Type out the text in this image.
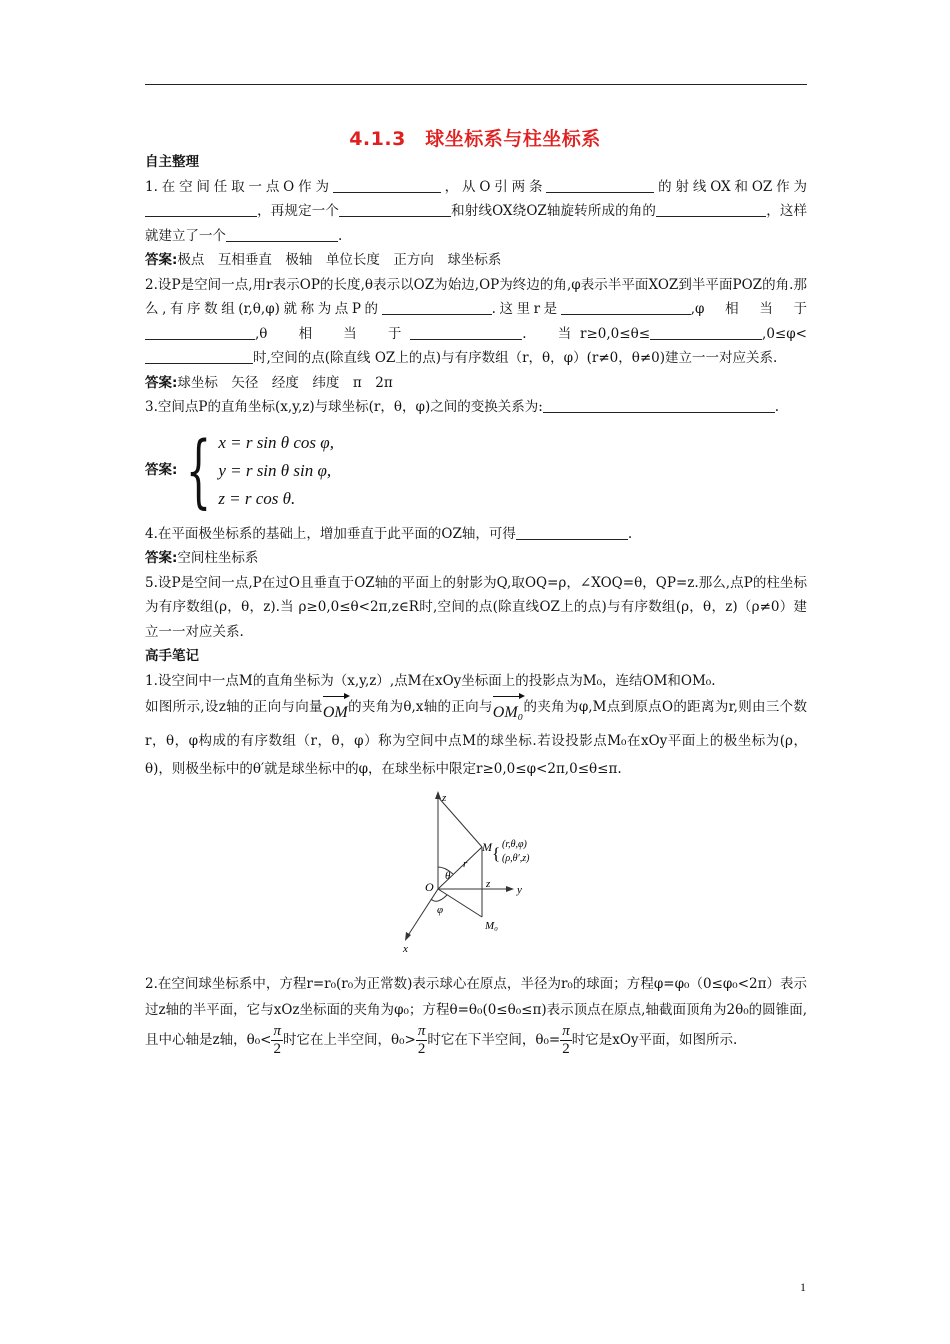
4.1.3　球坐标系与柱坐标系

自主整理

1.在空间任取一点O作为	，从O引两条	的射线OX和OZ作为，再规定一个	和射线OX绕OZ轴旋转所成的角的	，这样就建立了一个	.

答案:极点　互相垂直　极轴　单位长度　正方向　球坐标系

2.设P是空间一点,用r表示OP的长度,θ表示以OZ为始边,OP为终边的角,φ表示半平面XOZ到半平面POZ的角.那么,有序数组(r,θ,φ)就称为点P的	.这里r是	,φ　相　当　于,θ　相　当　于	.　当r≥0,0≤θ≤	,0≤φ<时,空间的点(除直线 OZ上的点)与有序数组（r，θ，φ）(r≠0，θ≠0)建立一一对应关系.

答案:球坐标　矢径　经度　纬度　π　2π

3.空间点P的直角坐标(x,y,z)与球坐标(r，θ，φ)之间的变换关系为:	.

答案: { x = r sin θ cos φ,
y = r sin θ sin φ,
z = r cos θ.

4.在平面极坐标系的基础上，增加垂直于此平面的OZ轴，可得	.

答案:空间柱坐标系

5.设P是空间一点,P在过O且垂直于OZ轴的平面上的射影为Q,取OQ=ρ，∠XOQ=θ，QP=z.那么,点P的柱坐标为有序数组(ρ，θ，z).当 ρ≥0,0≤θ<2π,z∈R时,空间的点(除直线OZ上的点)与有序数组(ρ，θ，z)（ρ≠0）建立一一对应关系.

高手笔记

1.设空间中一点M的直角坐标为（x,y,z）,点M在xOy坐标面上的投影点为M₀，连结OM和OM₀.

如图所示,设z轴的正向与向量OM的夹角为θ,x轴的正向与OM₀的夹角为φ,M点到原点O的距离为r,则由三个数r，θ，φ构成的有序数组（r，θ，φ）称为空间中点M的球坐标.若设投影点M₀在xOy平面上的极坐标为(ρ，θ)，则极坐标中的θ′就是球坐标中的φ，在球坐标中限定r≥0,0≤φ<2π,0≤θ≤π.

{
z
y
x
O
r
θ
φ
z
M
M₀
(r,θ,φ)
(ρ,θ′,z)

2.在空间球坐标系中，方程r=r₀(r₀为正常数)表示球心在原点，半径为r₀的球面；方程φ=φ₀（0≤φ₀<2π）表示过z轴的半平面，它与xOz坐标面的夹角为φ₀；方程θ=θ₀(0≤θ₀≤π)表示顶点在原点,轴截面顶角为2θ₀的圆锥面,且中心轴是z轴，$\theta_0< \frac{\pi}{2}$ 时它在上半空间，$\theta_0> \frac{\pi}{2}$ 时它在下半空间，$\theta_0= \frac{\pi}{2}$ 时它是xOy平面，如图所示.

1
